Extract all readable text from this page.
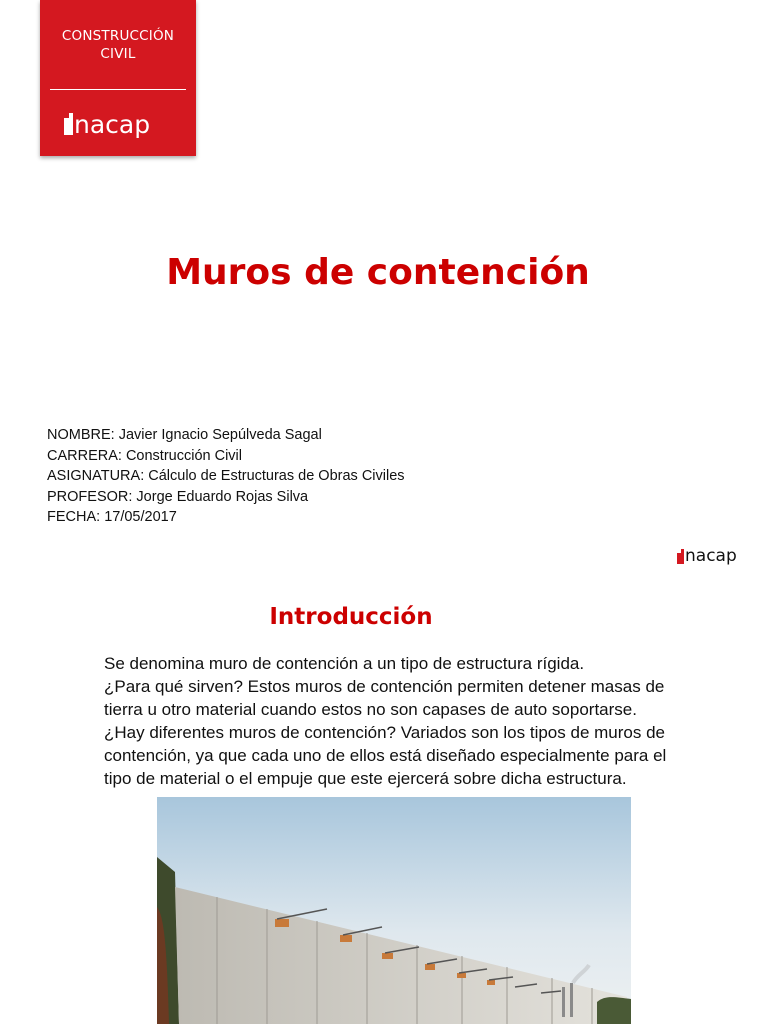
CONSTRUCCIÓN
CIVIL
nacap
Muros de contención
NOMBRE: Javier Ignacio Sepúlveda Sagal
CARRERA: Construcción Civil
ASIGNATURA: Cálculo de Estructuras de Obras Civiles
PROFESOR: Jorge Eduardo Rojas Silva
FECHA: 17/05/2017
nacap
Introducción

Se denomina muro de contención a un tipo de estructura rígida.

¿Para qué sirven? Estos muros de contención permiten detener masas de tierra u otro material cuando estos no son capases de auto soportarse.

¿Hay diferentes muros de contención? Variados son los tipos de muros de contención, ya que cada uno de ellos está diseñado especialmente para el tipo de material o el empuje que este ejercerá sobre dicha estructura.
